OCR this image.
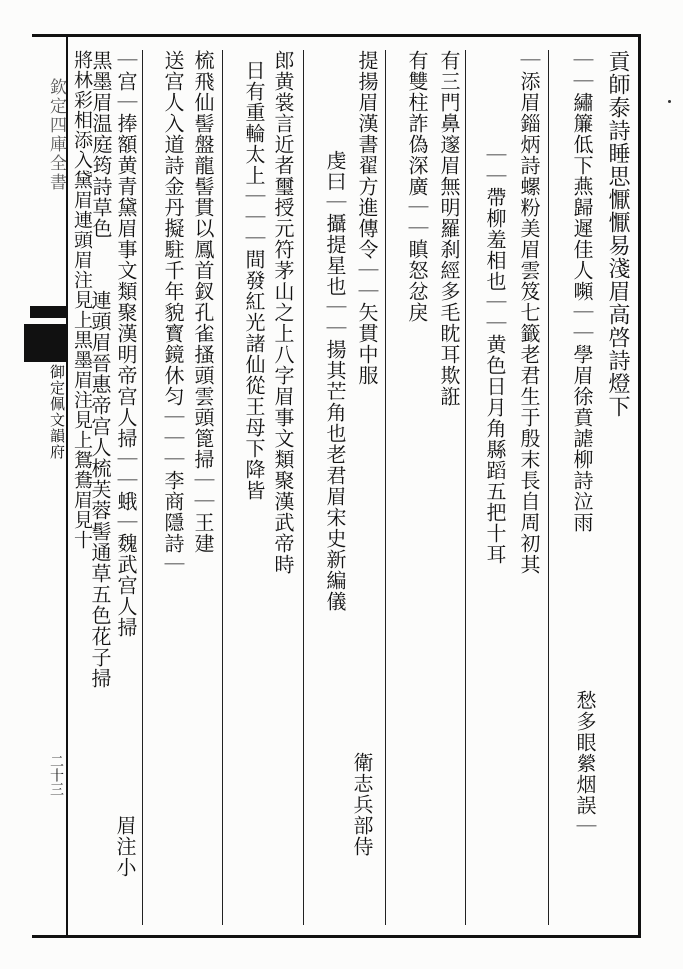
欽定四庫全書
御定佩文韻府
二十三
貢師泰詩睡思懨懨易淺眉高啓詩燈下
｜｜繡簾低下燕歸遲佳人嚬｜｜學眉徐賁謔柳詩泣雨
愁多眼縈烟誤｜
｜添眉錙炳詩螺粉美眉雲笈七籤老君生于殷末長自周初其
｜｜帶柳羞相也｜｜黄色日月角縣蹈五把十耳
有三門鼻邃眉無明羅刹經多毛眈耳欺誑
有雙柱詐偽深廣｜｜瞋怒忿戾
提揚眉漢書翟方進傳令｜｜矢貫中服
虔曰｜攝提星也｜｜揚其芒角也老君眉宋史新編儀
衛志兵部侍
郎黄裳言近者璽授元符茅山之上八字眉事文類聚漢武帝時
日有重輪太上｜｜｜間發紅光諸仙從王母下降皆
梳飛仙髻盤龍髻貫以鳳首釵孔雀搔頭雲頭篦掃｜｜王建
送宫人入道詩金丹擬駐千年貌寳鏡休匀｜｜｜李商隱詩｜
｜宫｜捧額黄青黛眉事文類聚漢明帝宫人掃｜｜蛾｜魏武宫人掃
連頭眉晉惠帝宫人梳芙蓉髻通草五色花子掃
黒墨眉温庭筠詩草色
將林彩相添入黛眉連頭眉注見上黒墨眉注見上鴛鴦眉見十
眉注小
